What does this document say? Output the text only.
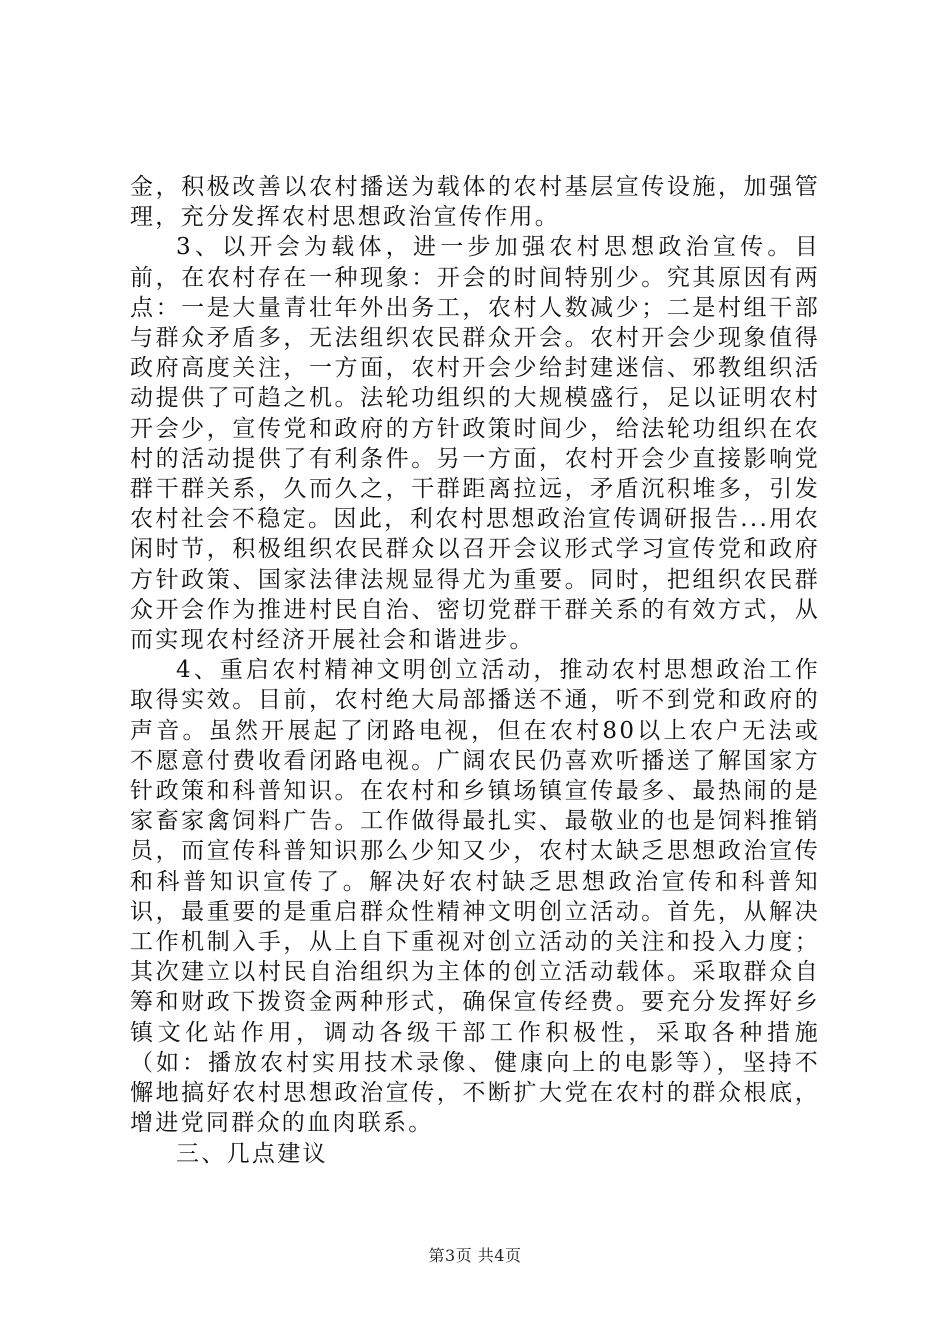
金，积极改善以农村播送为载体的农村基层宣传设施，加强管理，充分发挥农村思想政治宣传作用。

3、以开会为载体，进一步加强农村思想政治宣传。目前，在农村存在一种现象：开会的时间特别少。究其原因有两点：一是大量青壮年外出务工，农村人数减少；二是村组干部与群众矛盾多，无法组织农民群众开会。农村开会少现象值得政府高度关注，一方面，农村开会少给封建迷信、邪教组织活动提供了可趋之机。法轮功组织的大规模盛行，足以证明农村开会少，宣传党和政府的方针政策时间少，给法轮功组织在农村的活动提供了有利条件。另一方面，农村开会少直接影响党群干群关系，久而久之，干群距离拉远，矛盾沉积堆多，引发农村社会不稳定。因此，利农村思想政治宣传调研报告...用农闲时节，积极组织农民群众以召开会议形式学习宣传党和政府方针政策、国家法律法规显得尤为重要。同时，把组织农民群众开会作为推进村民自治、密切党群干群关系的有效方式，从而实现农村经济开展社会和谐进步。

4、重启农村精神文明创立活动，推动农村思想政治工作取得实效。目前，农村绝大局部播送不通，听不到党和政府的声音。虽然开展起了闭路电视，但在农村80以上农户无法或不愿意付费收看闭路电视。广阔农民仍喜欢听播送了解国家方针政策和科普知识。在农村和乡镇场镇宣传最多、最热闹的是家畜家禽饲料广告。工作做得最扎实、最敬业的也是饲料推销员，而宣传科普知识那么少知又少，农村太缺乏思想政治宣传和科普知识宣传了。解决好农村缺乏思想政治宣传和科普知识，最重要的是重启群众性精神文明创立活动。首先，从解决工作机制入手，从上自下重视对创立活动的关注和投入力度；其次建立以村民自治组织为主体的创立活动载体。采取群众自筹和财政下拨资金两种形式，确保宣传经费。要充分发挥好乡镇文化站作用，调动各级干部工作积极性，采取各种措施（如：播放农村实用技术录像、健康向上的电影等），坚持不懈地搞好农村思想政治宣传，不断扩大党在农村的群众根底，增进党同群众的血肉联系。

三、几点建议

第3页 共4页
